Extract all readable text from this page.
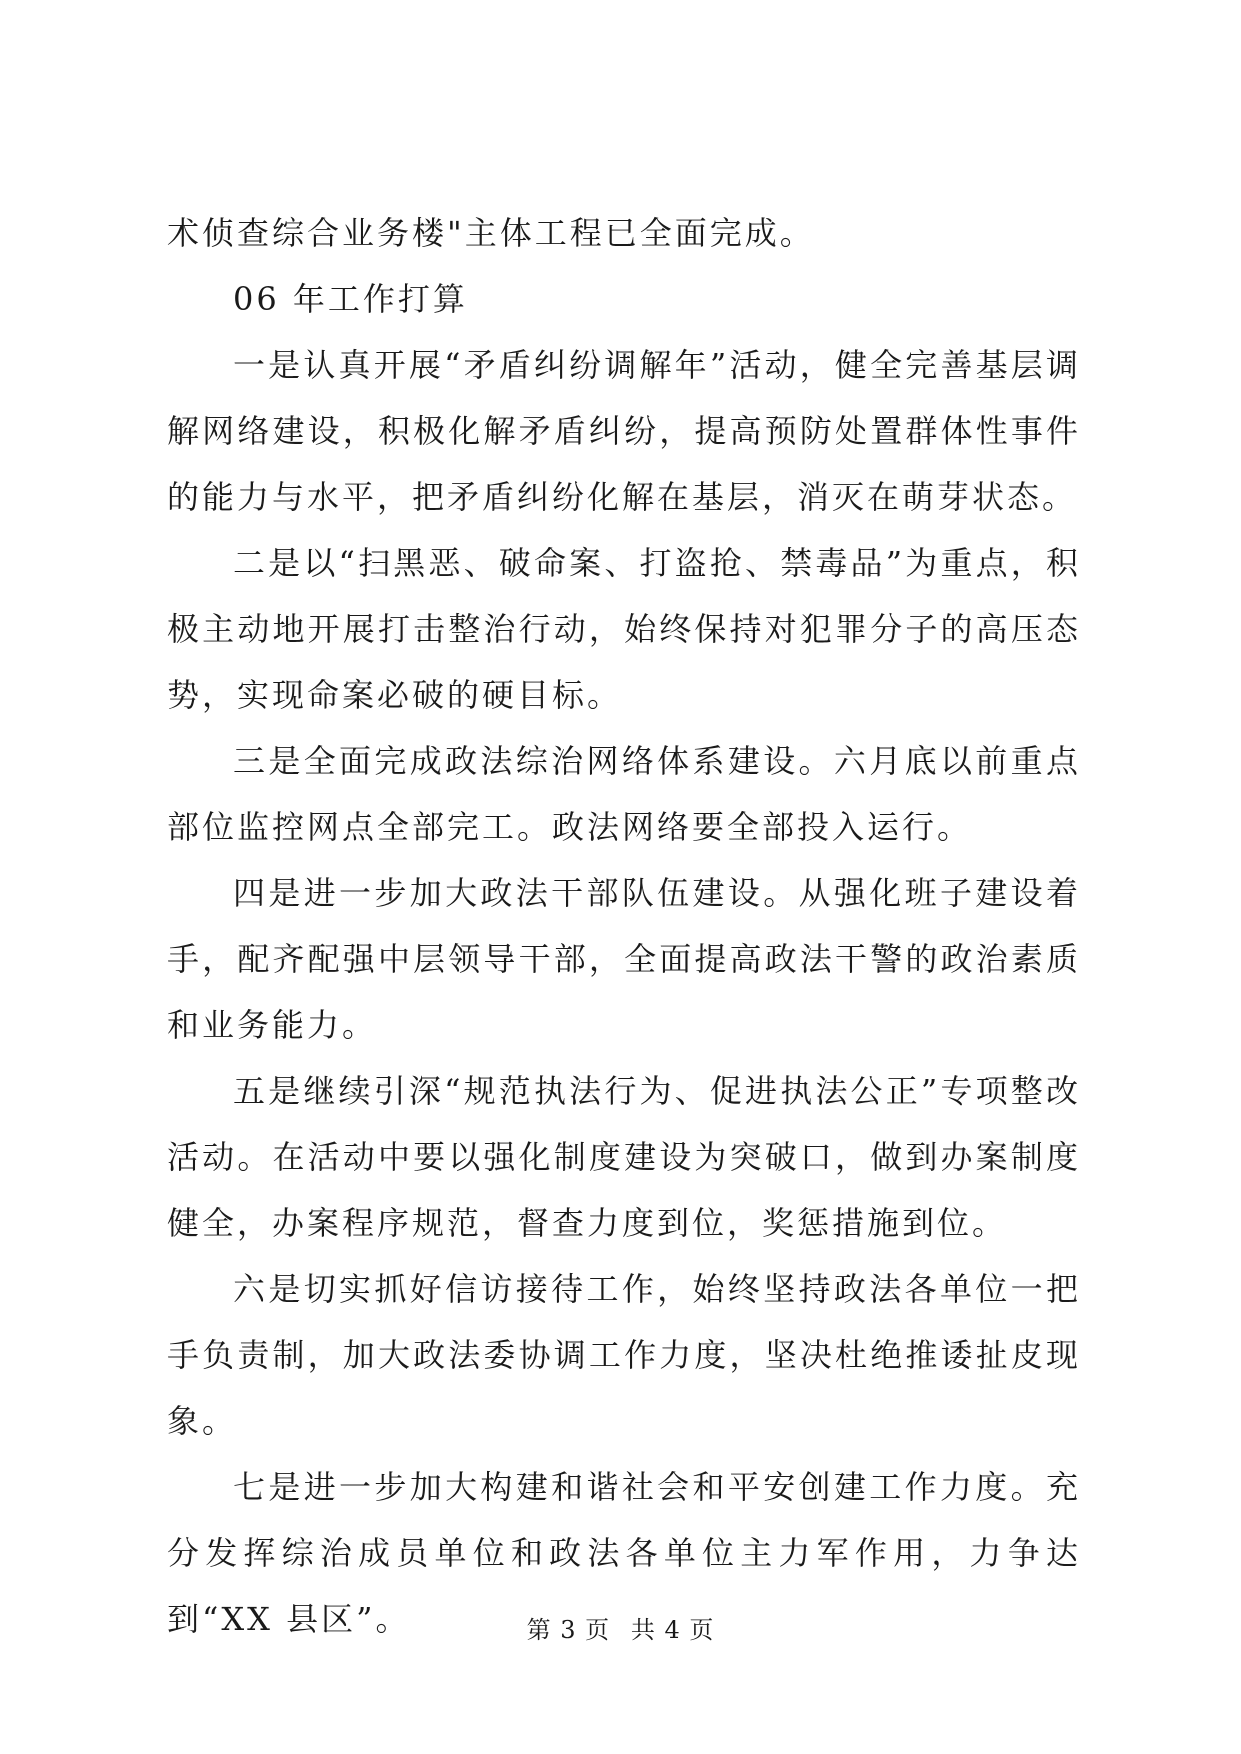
术侦查综合业务楼"主体工程已全面完成。

06 年工作打算

一是认真开展“矛盾纠纷调解年”活动，健全完善基层调解网络建设，积极化解矛盾纠纷，提高预防处置群体性事件的能力与水平，把矛盾纠纷化解在基层，消灭在萌芽状态。

二是以“扫黑恶、破命案、打盗抢、禁毒品”为重点，积极主动地开展打击整治行动，始终保持对犯罪分子的高压态势，实现命案必破的硬目标。

三是全面完成政法综治网络体系建设。六月底以前重点部位监控网点全部完工。政法网络要全部投入运行。

四是进一步加大政法干部队伍建设。从强化班子建设着手，配齐配强中层领导干部，全面提高政法干警的政治素质和业务能力。

五是继续引深“规范执法行为、促进执法公正”专项整改活动。在活动中要以强化制度建设为突破口，做到办案制度健全，办案程序规范，督查力度到位，奖惩措施到位。

六是切实抓好信访接待工作，始终坚持政法各单位一把手负责制，加大政法委协调工作力度，坚决杜绝推诿扯皮现象。

七是进一步加大构建和谐社会和平安创建工作力度。充分发挥综治成员单位和政法各单位主力军作用，力争达到“XX 县区”。	第 3 页 共 4 页
